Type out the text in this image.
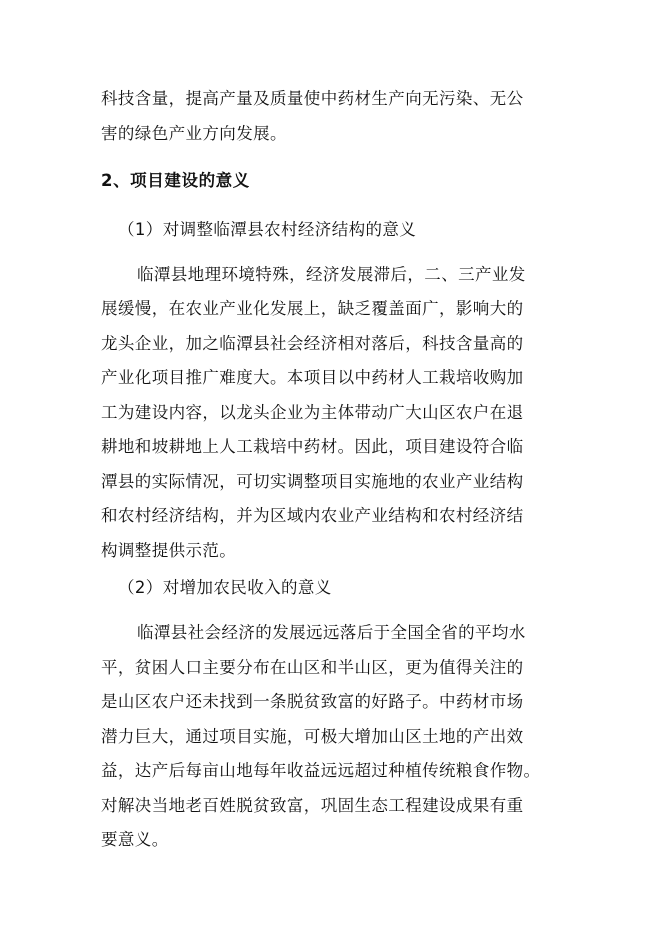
科技含量，提高产量及质量使中药材生产向无污染、无公
害的绿色产业方向发展。
2、项目建设的意义
（1）对调整临潭县农村经济结构的意义
临潭县地理环境特殊，经济发展滞后，二、三产业发
展缓慢，在农业产业化发展上，缺乏覆盖面广，影响大的
龙头企业，加之临潭县社会经济相对落后，科技含量高的
产业化项目推广难度大。本项目以中药材人工栽培收购加
工为建设内容，以龙头企业为主体带动广大山区农户在退
耕地和坡耕地上人工栽培中药材。因此，项目建设符合临
潭县的实际情况，可切实调整项目实施地的农业产业结构
和农村经济结构，并为区域内农业产业结构和农村经济结
构调整提供示范。
（2）对增加农民收入的意义
临潭县社会经济的发展远远落后于全国全省的平均水
平，贫困人口主要分布在山区和半山区，更为值得关注的
是山区农户还未找到一条脱贫致富的好路子。中药材市场
潜力巨大，通过项目实施，可极大增加山区土地的产出效
益，达产后每亩山地每年收益远远超过种植传统粮食作物。
对解决当地老百姓脱贫致富，巩固生态工程建设成果有重
要意义。
